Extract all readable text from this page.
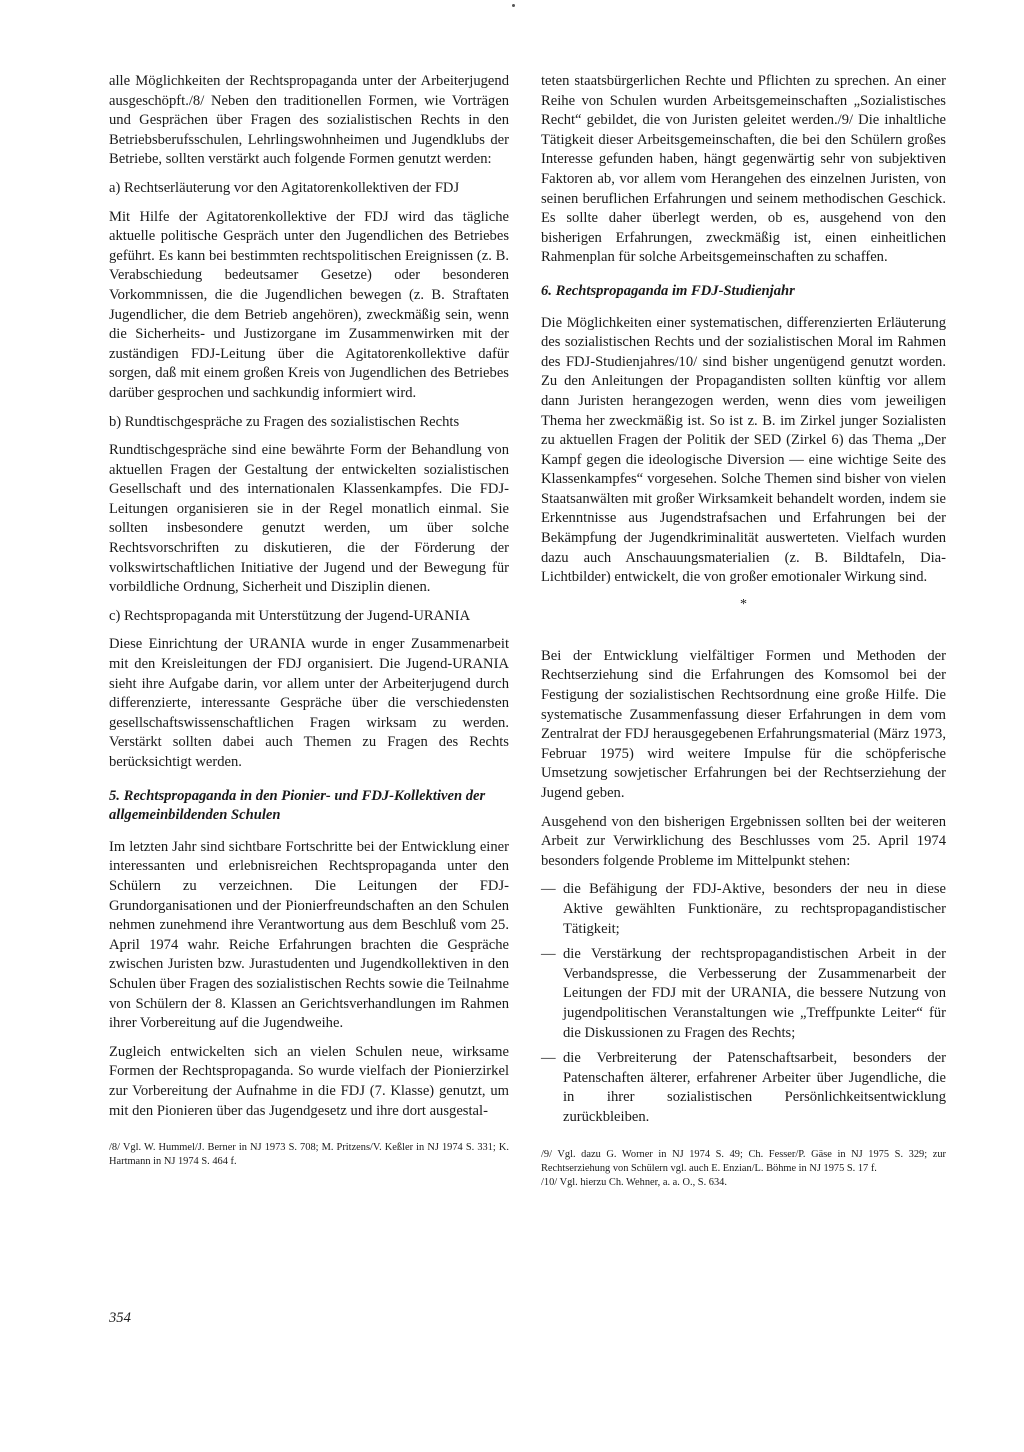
alle Möglichkeiten der Rechtspropaganda unter der Arbeiterjugend ausgeschöpft./8/ Neben den traditionellen Formen, wie Vorträgen und Gesprächen über Fragen des sozialistischen Rechts in den Betriebsberufsschulen, Lehrlingswohnheimen und Jugendklubs der Betriebe, sollten verstärkt auch folgende Formen genutzt werden:

a) Rechtserläuterung vor den Agitatorenkollektiven der FDJ

Mit Hilfe der Agitatorenkollektive der FDJ wird das tägliche aktuelle politische Gespräch unter den Jugendlichen des Betriebes geführt. Es kann bei bestimmten rechtspolitischen Ereignissen (z. B. Verabschiedung bedeutsamer Gesetze) oder besonderen Vorkommnissen, die die Jugendlichen bewegen (z. B. Straftaten Jugendlicher, die dem Betrieb angehören), zweckmäßig sein, wenn die Sicherheits- und Justizorgane im Zusammenwirken mit der zuständigen FDJ-Leitung über die Agitatorenkollektive dafür sorgen, daß mit einem großen Kreis von Jugendlichen des Betriebes darüber gesprochen und sachkundig informiert wird.

b) Rundtischgespräche zu Fragen des sozialistischen Rechts

Rundtischgespräche sind eine bewährte Form der Behandlung von aktuellen Fragen der Gestaltung der entwickelten sozialistischen Gesellschaft und des internationalen Klassenkampfes. Die FDJ-Leitungen organisieren sie in der Regel monatlich einmal. Sie sollten insbesondere genutzt werden, um über solche Rechtsvorschriften zu diskutieren, die der Förderung der volkswirtschaftlichen Initiative der Jugend und der Bewegung für vorbildliche Ordnung, Sicherheit und Disziplin dienen.

c) Rechtspropaganda mit Unterstützung der Jugend-URANIA

Diese Einrichtung der URANIA wurde in enger Zusammenarbeit mit den Kreisleitungen der FDJ organisiert. Die Jugend-URANIA sieht ihre Aufgabe darin, vor allem unter der Arbeiterjugend durch differenzierte, interessante Gespräche über die verschiedensten gesellschaftswissenschaftlichen Fragen wirksam zu werden. Verstärkt sollten dabei auch Themen zu Fragen des Rechts berücksichtigt werden.

5. Rechtspropaganda in den Pionier- und FDJ-Kollektiven der allgemeinbildenden Schulen

Im letzten Jahr sind sichtbare Fortschritte bei der Entwicklung einer interessanten und erlebnisreichen Rechtspropaganda unter den Schülern zu verzeichnen. Die Leitungen der FDJ-Grundorganisationen und der Pionierfreundschaften an den Schulen nehmen zunehmend ihre Verantwortung aus dem Beschluß vom 25. April 1974 wahr. Reiche Erfahrungen brachten die Gespräche zwischen Juristen bzw. Jurastudenten und Jugendkollektiven in den Schulen über Fragen des sozialistischen Rechts sowie die Teilnahme von Schülern der 8. Klassen an Gerichtsverhandlungen im Rahmen ihrer Vorbereitung auf die Jugendweihe.

Zugleich entwickelten sich an vielen Schulen neue, wirksame Formen der Rechtspropaganda. So wurde vielfach der Pionierzirkel zur Vorbereitung der Aufnahme in die FDJ (7. Klasse) genutzt, um mit den Pionieren über das Jugendgesetz und ihre dort ausgestal-

/8/ Vgl. W. Hummel/J. Berner in NJ 1973 S. 708; M. Pritzens/V. Keßler in NJ 1974 S. 331; K. Hartmann in NJ 1974 S. 464 f.

teten staatsbürgerlichen Rechte und Pflichten zu sprechen. An einer Reihe von Schulen wurden Arbeitsgemeinschaften „Sozialistisches Recht“ gebildet, die von Juristen geleitet werden./9/ Die inhaltliche Tätigkeit dieser Arbeitsgemeinschaften, die bei den Schülern großes Interesse gefunden haben, hängt gegenwärtig sehr von subjektiven Faktoren ab, vor allem vom Herangehen des einzelnen Juristen, von seinen beruflichen Erfahrungen und seinem methodischen Geschick. Es sollte daher überlegt werden, ob es, ausgehend von den bisherigen Erfahrungen, zweckmäßig ist, einen einheitlichen Rahmenplan für solche Arbeitsgemeinschaften zu schaffen.

6. Rechtspropaganda im FDJ-Studienjahr

Die Möglichkeiten einer systematischen, differenzierten Erläuterung des sozialistischen Rechts und der sozialistischen Moral im Rahmen des FDJ-Studienjahres/10/ sind bisher ungenügend genutzt worden. Zu den Anleitungen der Propagandisten sollten künftig vor allem dann Juristen herangezogen werden, wenn dies vom jeweiligen Thema her zweckmäßig ist. So ist z. B. im Zirkel junger Sozialisten zu aktuellen Fragen der Politik der SED (Zirkel 6) das Thema „Der Kampf gegen die ideologische Diversion — eine wichtige Seite des Klassenkampfes“ vorgesehen. Solche Themen sind bisher von vielen Staatsanwälten mit großer Wirksamkeit behandelt worden, indem sie Erkenntnisse aus Jugendstrafsachen und Erfahrungen bei der Bekämpfung der Jugendkriminalität auswerteten. Vielfach wurden dazu auch Anschauungsmaterialien (z. B. Bildtafeln, Dia-Lichtbilder) entwickelt, die von großer emotionaler Wirkung sind.

*

Bei der Entwicklung vielfältiger Formen und Methoden der Rechtserziehung sind die Erfahrungen des Komsomol bei der Festigung der sozialistischen Rechtsordnung eine große Hilfe. Die systematische Zusammenfassung dieser Erfahrungen in dem vom Zentralrat der FDJ herausgegebenen Erfahrungsmaterial (März 1973, Februar 1975) wird weitere Impulse für die schöpferische Umsetzung sowjetischer Erfahrungen bei der Rechtserziehung der Jugend geben.

Ausgehend von den bisherigen Ergebnissen sollten bei der weiteren Arbeit zur Verwirklichung des Beschlusses vom 25. April 1974 besonders folgende Probleme im Mittelpunkt stehen:

— die Befähigung der FDJ-Aktive, besonders der neu in diese Aktive gewählten Funktionäre, zu rechtspropagandistischer Tätigkeit;
— die Verstärkung der rechtspropagandistischen Arbeit in der Verbandspresse, die Verbesserung der Zusammenarbeit der Leitungen der FDJ mit der URANIA, die bessere Nutzung von jugendpolitischen Veranstaltungen wie „Treffpunkte Leiter“ für die Diskussionen zu Fragen des Rechts;
— die Verbreiterung der Patenschaftsarbeit, besonders der Patenschaften älterer, erfahrener Arbeiter über Jugendliche, die in ihrer sozialistischen Persönlichkeitsentwicklung zurückbleiben.

/9/ Vgl. dazu G. Worner in NJ 1974 S. 49; Ch. Fesser/P. Gäse in NJ 1975 S. 329; zur Rechtserziehung von Schülern vgl. auch E. Enzian/L. Böhme in NJ 1975 S. 17 f.

/10/ Vgl. hierzu Ch. Wehner, a. a. O., S. 634.

354
